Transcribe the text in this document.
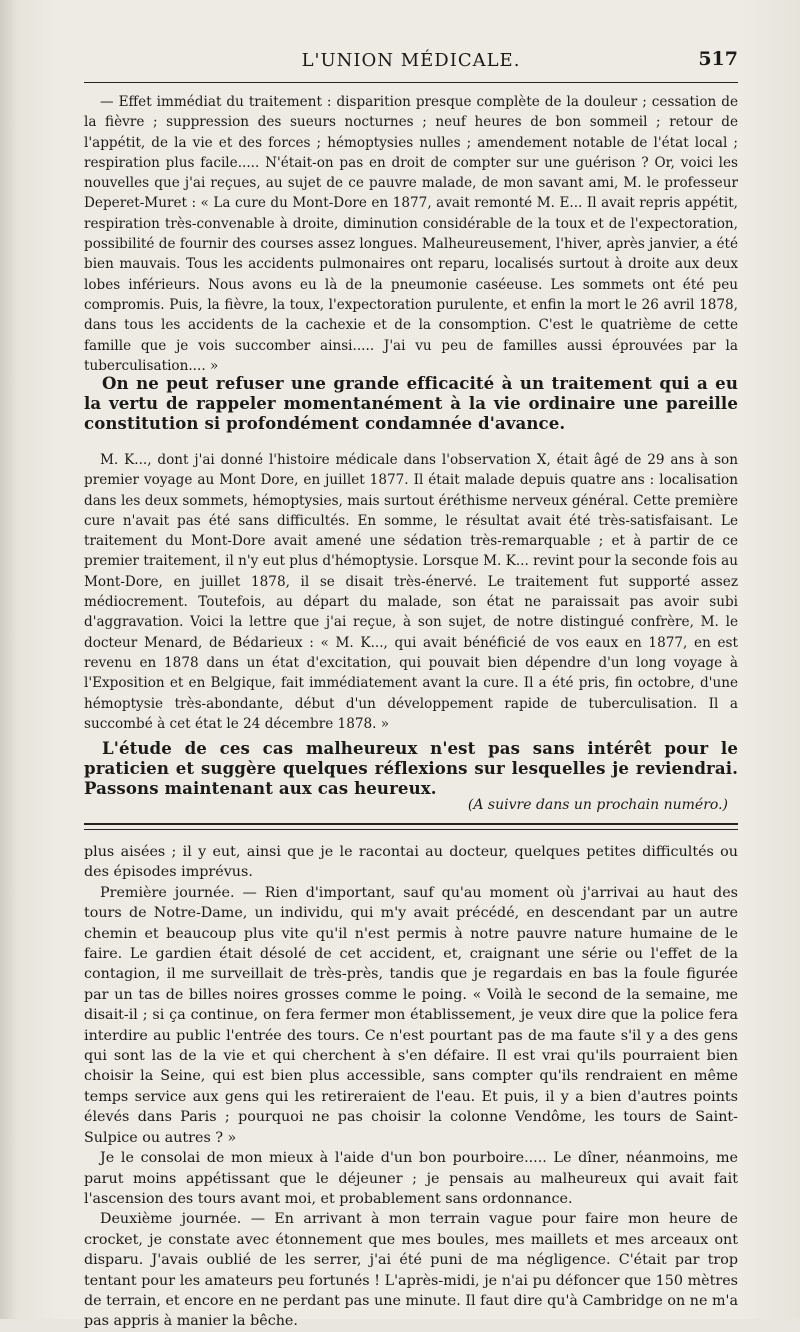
L'UNION MÉDICALE.	517

— Effet immédiat du traitement : disparition presque complète de la douleur ; cessation de la fièvre ; suppression des sueurs nocturnes ; neuf heures de bon sommeil ; retour de l'appétit, de la vie et des forces ; hémoptysies nulles ; amendement notable de l'état local ; respiration plus facile..... N'était-on pas en droit de compter sur une guérison ? Or, voici les nouvelles que j'ai reçues, au sujet de ce pauvre malade, de mon savant ami, M. le professeur Deperet-Muret : « La cure du Mont-Dore en 1877, avait remonté M. E... Il avait repris appétit, respiration très-convenable à droite, diminution considérable de la toux et de l'expectoration, possibilité de fournir des courses assez longues. Malheureusement, l'hiver, après janvier, a été bien mauvais. Tous les accidents pulmonaires ont reparu, localisés surtout à droite aux deux lobes inférieurs. Nous avons eu là de la pneumonie caséeuse. Les sommets ont été peu compromis. Puis, la fièvre, la toux, l'expectoration purulente, et enfin la mort le 26 avril 1878, dans tous les accidents de la cachexie et de la consomption. C'est le quatrième de cette famille que je vois succomber ainsi..... J'ai vu peu de familles aussi éprouvées par la tuberculisation.... »

On ne peut refuser une grande efficacité à un traitement qui a eu la vertu de rappeler momentanément à la vie ordinaire une pareille constitution si profondément condamnée d'avance.

M. K..., dont j'ai donné l'histoire médicale dans l'observation X, était âgé de 29 ans à son premier voyage au Mont Dore, en juillet 1877. Il était malade depuis quatre ans : localisation dans les deux sommets, hémoptysies, mais surtout éréthisme nerveux général. Cette première cure n'avait pas été sans difficultés. En somme, le résultat avait été très-satisfaisant. Le traitement du Mont-Dore avait amené une sédation très-remarquable ; et à partir de ce premier traitement, il n'y eut plus d'hémoptysie. Lorsque M. K... revint pour la seconde fois au Mont-Dore, en juillet 1878, il se disait très-énervé. Le traitement fut supporté assez médiocrement. Toutefois, au départ du malade, son état ne paraissait pas avoir subi d'aggravation. Voici la lettre que j'ai reçue, à son sujet, de notre distingué confrère, M. le docteur Menard, de Bédarieux : « M. K..., qui avait bénéficié de vos eaux en 1877, en est revenu en 1878 dans un état d'excitation, qui pouvait bien dépendre d'un long voyage à l'Exposition et en Belgique, fait immédiatement avant la cure. Il a été pris, fin octobre, d'une hémoptysie très-abondante, début d'un développement rapide de tuberculisation. Il a succombé à cet état le 24 décembre 1878. »

L'étude de ces cas malheureux n'est pas sans intérêt pour le praticien et suggère quelques réflexions sur lesquelles je reviendrai. Passons maintenant aux cas heureux.

(A suivre dans un prochain numéro.)

plus aisées ; il y eut, ainsi que je le racontai au docteur, quelques petites difficultés ou des épisodes imprévus.

Première journée. — Rien d'important, sauf qu'au moment où j'arrivai au haut des tours de Notre-Dame, un individu, qui m'y avait précédé, en descendant par un autre chemin et beaucoup plus vite qu'il n'est permis à notre pauvre nature humaine de le faire. Le gardien était désolé de cet accident, et, craignant une série ou l'effet de la contagion, il me surveillait de très-près, tandis que je regardais en bas la foule figurée par un tas de billes noires grosses comme le poing. « Voilà le second de la semaine, me disait-il ; si ça continue, on fera fermer mon établissement, je veux dire que la police fera interdire au public l'entrée des tours. Ce n'est pourtant pas de ma faute s'il y a des gens qui sont las de la vie et qui cherchent à s'en défaire. Il est vrai qu'ils pourraient bien choisir la Seine, qui est bien plus accessible, sans compter qu'ils rendraient en même temps service aux gens qui les retireraient de l'eau. Et puis, il y a bien d'autres points élevés dans Paris ; pourquoi ne pas choisir la colonne Vendôme, les tours de Saint-Sulpice ou autres ? »

Je le consolai de mon mieux à l'aide d'un bon pourboire..... Le dîner, néanmoins, me parut moins appétissant que le déjeuner ; je pensais au malheureux qui avait fait l'ascension des tours avant moi, et probablement sans ordonnance.

Deuxième journée. — En arrivant à mon terrain vague pour faire mon heure de crocket, je constate avec étonnement que mes boules, mes maillets et mes arceaux ont disparu. J'avais oublié de les serrer, j'ai été puni de ma négligence. C'était par trop tentant pour les amateurs peu fortunés ! L'après-midi, je n'ai pu défoncer que 150 mètres de terrain, et encore en ne perdant pas une minute. Il faut dire qu'à Cambridge on ne m'a pas appris à manier la bêche.
